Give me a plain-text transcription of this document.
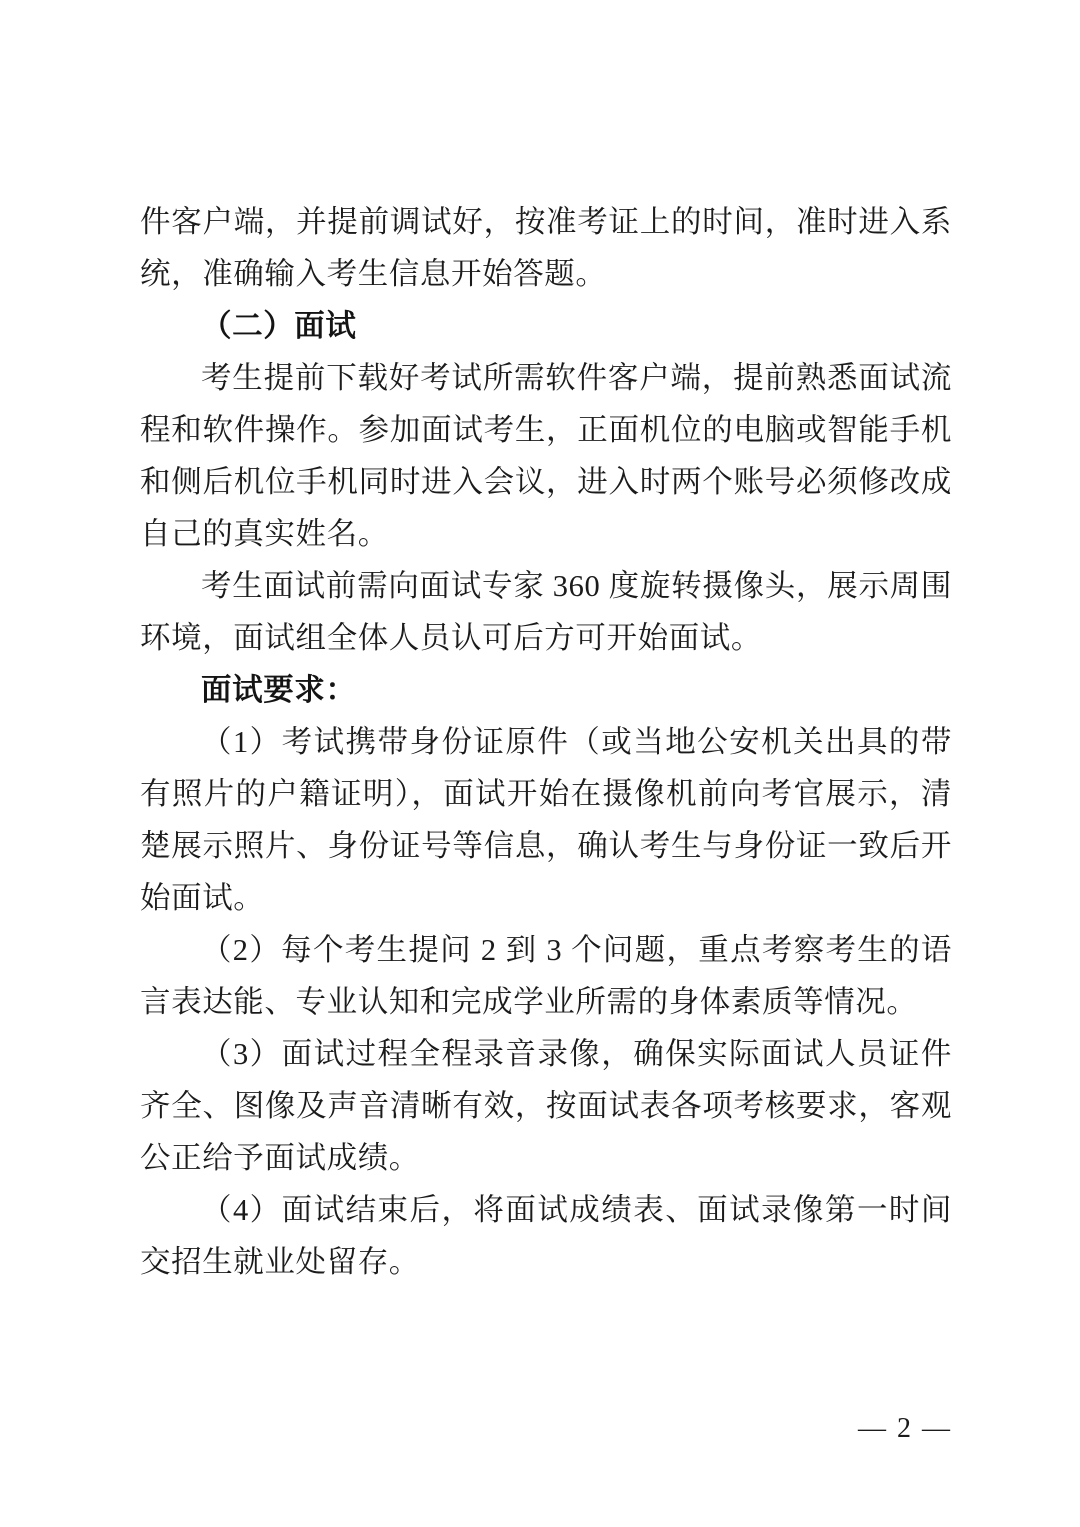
件客户端，并提前调试好，按准考证上的时间，准时进入系统，准确输入考生信息开始答题。

（二）面试

考生提前下载好考试所需软件客户端，提前熟悉面试流程和软件操作。参加面试考生，正面机位的电脑或智能手机和侧后机位手机同时进入会议，进入时两个账号必须修改成自己的真实姓名。

考生面试前需向面试专家 360 度旋转摄像头，展示周围环境，面试组全体人员认可后方可开始面试。

面试要求：

（1）考试携带身份证原件（或当地公安机关出具的带有照片的户籍证明），面试开始在摄像机前向考官展示，清楚展示照片、身份证号等信息，确认考生与身份证一致后开始面试。

（2）每个考生提问 2 到 3 个问题，重点考察考生的语言表达能、专业认知和完成学业所需的身体素质等情况。

（3）面试过程全程录音录像，确保实际面试人员证件齐全、图像及声音清晰有效，按面试表各项考核要求，客观公正给予面试成绩。

（4）面试结束后，将面试成绩表、面试录像第一时间交招生就业处留存。

— 2 —
